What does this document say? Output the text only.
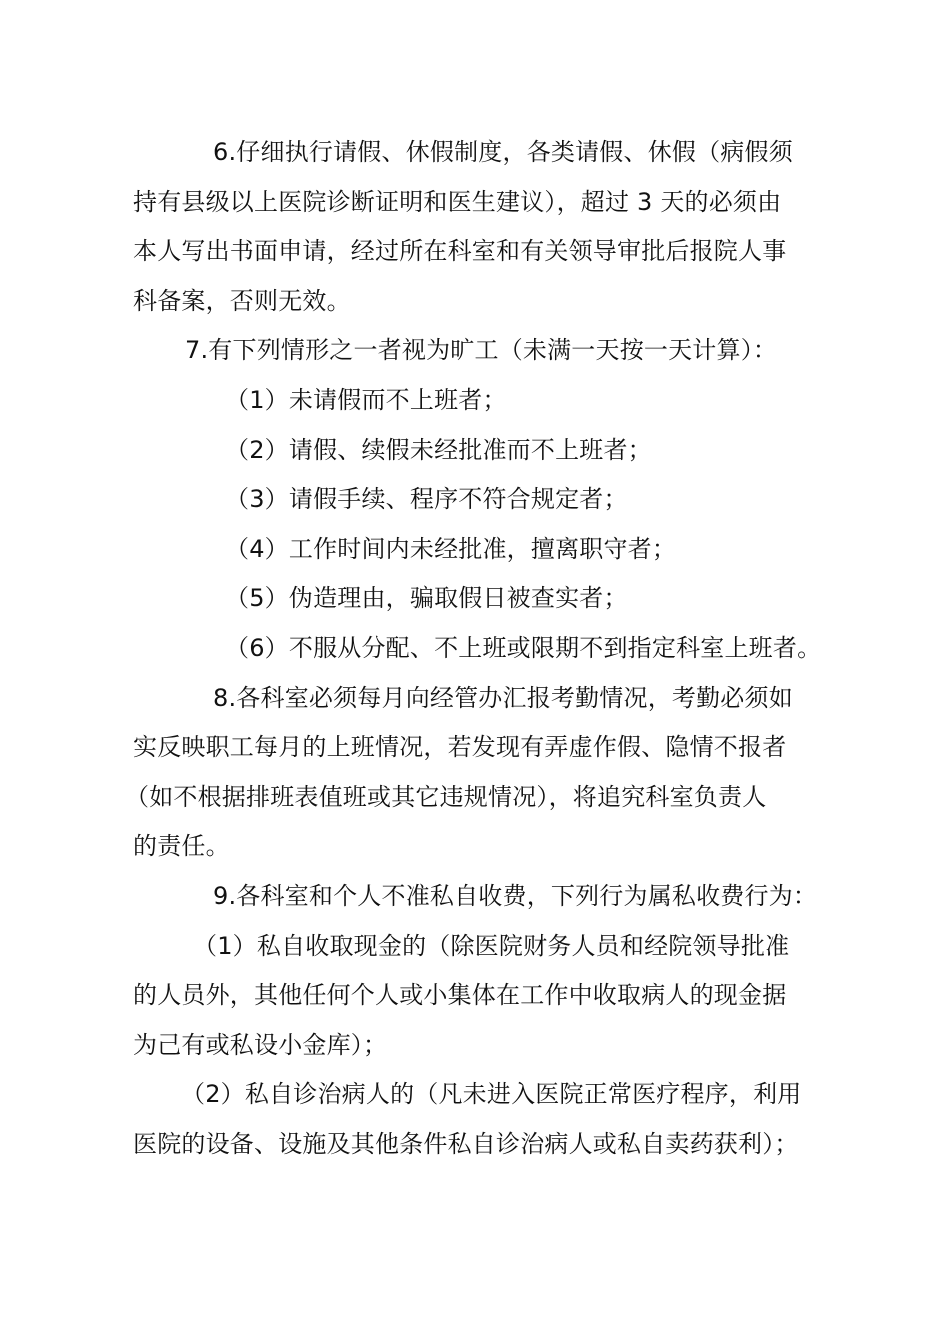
6.仔细执行请假、休假制度，各类请假、休假（病假须
持有县级以上医院诊断证明和医生建议），超过 3 天的必须由
本人写出书面申请，经过所在科室和有关领导审批后报院人事
科备案，否则无效。
7.有下列情形之一者视为旷工（未满一天按一天计算）：
（1）未请假而不上班者；
（2）请假、续假未经批准而不上班者；
（3）请假手续、程序不符合规定者；
（4）工作时间内未经批准，擅离职守者；
（5）伪造理由，骗取假日被查实者；
（6）不服从分配、不上班或限期不到指定科室上班者。
8.各科室必须每月向经管办汇报考勤情况，考勤必须如
实反映职工每月的上班情况，若发现有弄虚作假、隐情不报者
（如不根据排班表值班或其它违规情况），将追究科室负责人
的责任。
9.各科室和个人不准私自收费，下列行为属私收费行为：
（1）私自收取现金的（除医院财务人员和经院领导批准
的人员外，其他任何个人或小集体在工作中收取病人的现金据
为己有或私设小金库）；
（2）私自诊治病人的（凡未进入医院正常医疗程序，利用
医院的设备、设施及其他条件私自诊治病人或私自卖药获利）；
